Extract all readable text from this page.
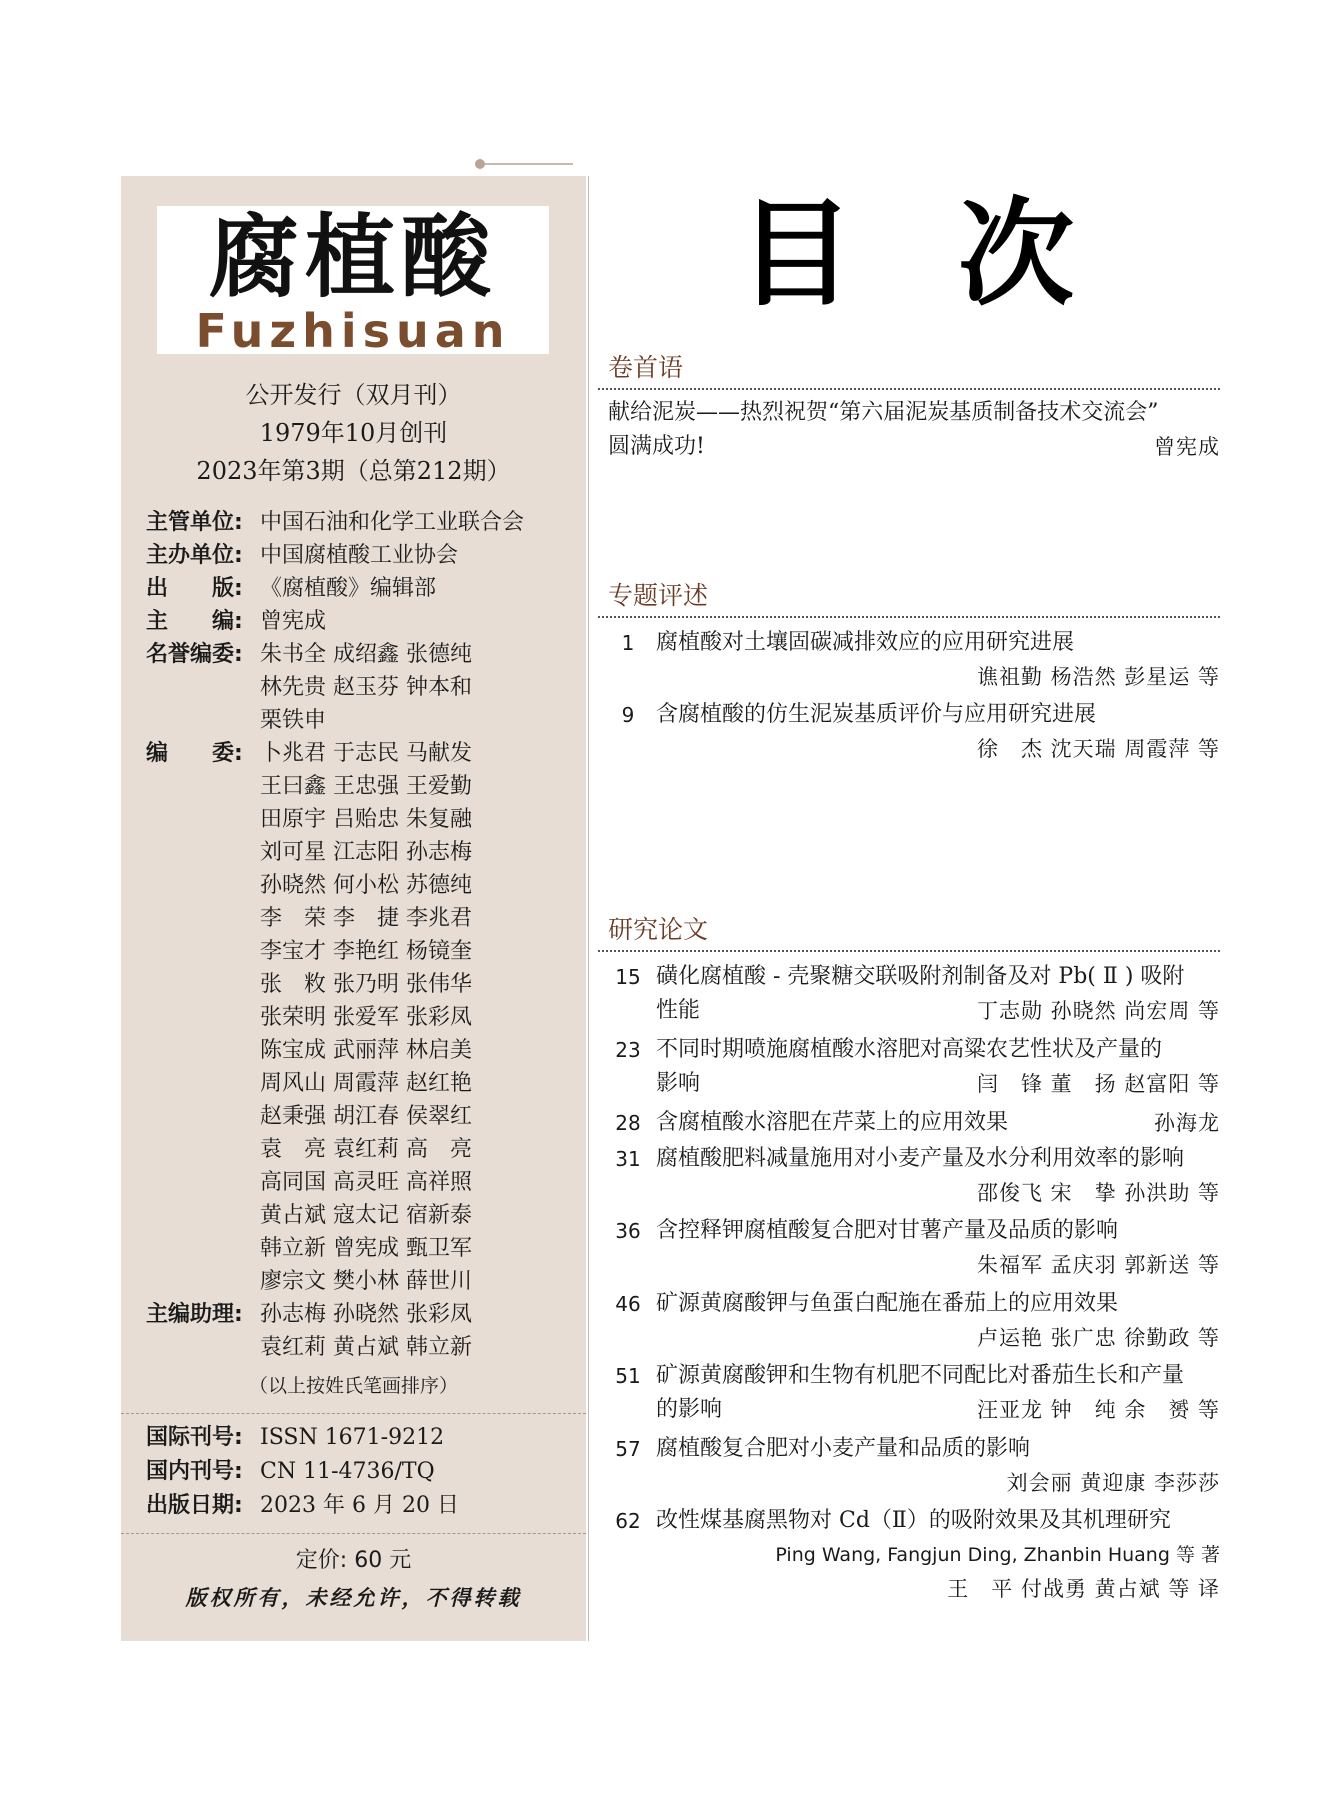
腐植酸
Fuzhisuan
公开发行（双月刊）
1979年10月创刊
2023年第3期（总第212期）
主管单位: 中国石油和化学工业联合会
主办单位: 中国腐植酸工业协会
出　　版: 《腐植酸》编辑部
主　　编: 曾宪成
名誉编委: 朱书全 成绍鑫 张德纯
林先贵 赵玉芬 钟本和
栗铁申
编　　委: 卜兆君 于志民 马献发
王曰鑫 王忠强 王爱勤
田原宇 吕贻忠 朱复融
刘可星 江志阳 孙志梅
孙晓然 何小松 苏德纯
李　荣 李　捷 李兆君
李宝才 李艳红 杨镜奎
张　敉 张乃明 张伟华
张荣明 张爱军 张彩凤
陈宝成 武丽萍 林启美
周风山 周霞萍 赵红艳
赵秉强 胡江春 侯翠红
袁　亮 袁红莉 高　亮
高同国 高灵旺 高祥照
黄占斌 寇太记 宿新泰
韩立新 曾宪成 甄卫军
廖宗文 樊小林 薛世川
主编助理: 孙志梅 孙晓然 张彩凤
袁红莉 黄占斌 韩立新
（以上按姓氏笔画排序）
国际刊号: ISSN 1671-9212
国内刊号: CN 11-4736/TQ
出版日期: 2023 年 6 月 20 日
定价: 60 元
版权所有，未经允许，不得转载
目 次
卷首语
献给泥炭——热烈祝贺“第六届泥炭基质制备技术交流会”
圆满成功!	曾宪成
专题评述
1 腐植酸对土壤固碳减排效应的应用研究进展
谯祖勤 杨浩然 彭星运 等
9 含腐植酸的仿生泥炭基质评价与应用研究进展
徐　杰 沈天瑞 周霞萍 等
研究论文
15 磺化腐植酸 - 壳聚糖交联吸附剂制备及对 Pb( Ⅱ ) 吸附
性能	丁志勋 孙晓然 尚宏周 等
23 不同时期喷施腐植酸水溶肥对高粱农艺性状及产量的
影响	闫　锋 董　扬 赵富阳 等
28 含腐植酸水溶肥在芹菜上的应用效果	孙海龙
31 腐植酸肥料减量施用对小麦产量及水分利用效率的影响
邵俊飞 宋　挚 孙洪助 等
36 含控释钾腐植酸复合肥对甘薯产量及品质的影响
朱福军 孟庆羽 郭新送 等
46 矿源黄腐酸钾与鱼蛋白配施在番茄上的应用效果
卢运艳 张广忠 徐勤政 等
51 矿源黄腐酸钾和生物有机肥不同配比对番茄生长和产量
的影响	汪亚龙 钟　纯 余　赟 等
57 腐植酸复合肥对小麦产量和品质的影响
刘会丽 黄迎康 李莎莎
62 改性煤基腐黑物对 Cd（Ⅱ）的吸附效果及其机理研究
Ping Wang, Fangjun Ding, Zhanbin Huang 等 著
王　平 付战勇 黄占斌 等 译
